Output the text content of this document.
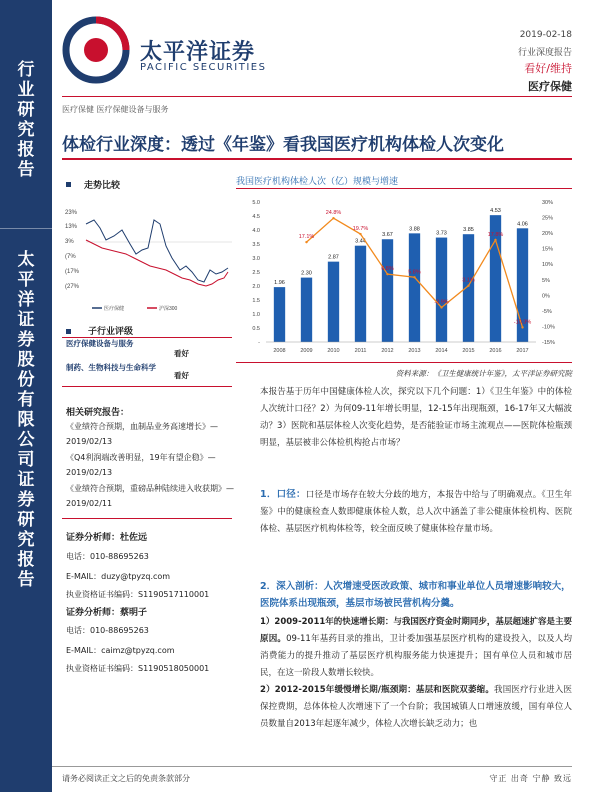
行业研究报告
太平洋证券股份有限公司证券研究报告
太平洋证券
PACIFIC SECURITIES
2019-02-18
行业深度报告
看好/维持
医疗保健
医疗保健 医疗保健设备与服务
体检行业深度：透过《年鉴》看我国医疗机构体检人次变化
走势比较
23%
13%
3%
(7%
(17%
(27%
医疗保健	沪深300
子行业评级
医疗保健设备与服务
看好
制药、生物科技与生命科学
看好
相关研究报告：
《业绩符合预期，血制品业务高速增长》—2019/02/13
《Q4利润端改善明显，19年有望企稳》—2019/02/13
《业绩符合预期，重磅品种陆续进入收获期》—2019/02/11
证券分析师：杜佐远
电话：010-88695263
E-MAIL：duzy@tpyzq.com
执业资格证书编码：S1190517110001
证券分析师：蔡明子
电话：010-88695263
E-MAIL：caimz@tpyzq.com
执业资格证书编码：S1190518050001
我国医疗机构体检人次（亿）规模与增速
5.0
4.5
4.0
3.5
3.0
2.5
2.0
1.5
1.0
0.5
-
30%
25%
20%
15%
10%
5%
0%
-5%
-10%
-15%
1.96
2.30
2.87
3.44
3.67
3.88
3.73
3.85
4.53
4.06
17.1%
24.8%
19.7%
6.8%
5.8%
-3.9%
3.1%
17.8%
-10.3%
2008	2009	2010	2011	2012	2013	2014	2015	2016	2017
资料来源：《卫生健康统计年鉴》，太平洋证券研究院
本报告基于历年中国健康体检人次，探究以下几个问题：1）《卫生年鉴》中的体检人次统计口径？2）为何09-11年增长明显，12-15年出现瓶颈，16-17年又大幅波动？3）医院和基层体检人次变化趋势，是否能验证市场主流观点——医院体检瓶颈明显，基层被非公体检机构抢占市场？
1．口径：口径是市场存在较大分歧的地方，本报告中给与了明确观点。《卫生年鉴》中的健康检查人数即健康体检人数，总人次中涵盖了非公健康体检机构、医院体检、基层医疗机构体检等，较全面反映了健康体检存量市场。
2．深入剖析：人次增速受医改政策、城市和事业单位人员增速影响较大，医院体系出现瓶颈，基层市场被民营机构分羹。
1）2009-2011年的快速增长期：与我国医疗资金时期同步，基层超速扩容是主要原因。09-11年基药目录的推出，卫计委加强基层医疗机构的建设投入，以及人均消费能力的提升推动了基层医疗机构服务能力快速提升；国有单位人员和城市居民，在这一阶段人数增长较快。
2）2012-2015年缓慢增长期/瓶颈期：基层和医院双萎缩。我国医疗行业进入医保控费期，总体体检人次增速下了一个台阶；我国城镇人口增速放缓，国有单位人员数量自2013年起逐年减少，体检人次增长缺乏动力；也
请务必阅读正文之后的免责条款部分	守正 出奇 宁静 致远
